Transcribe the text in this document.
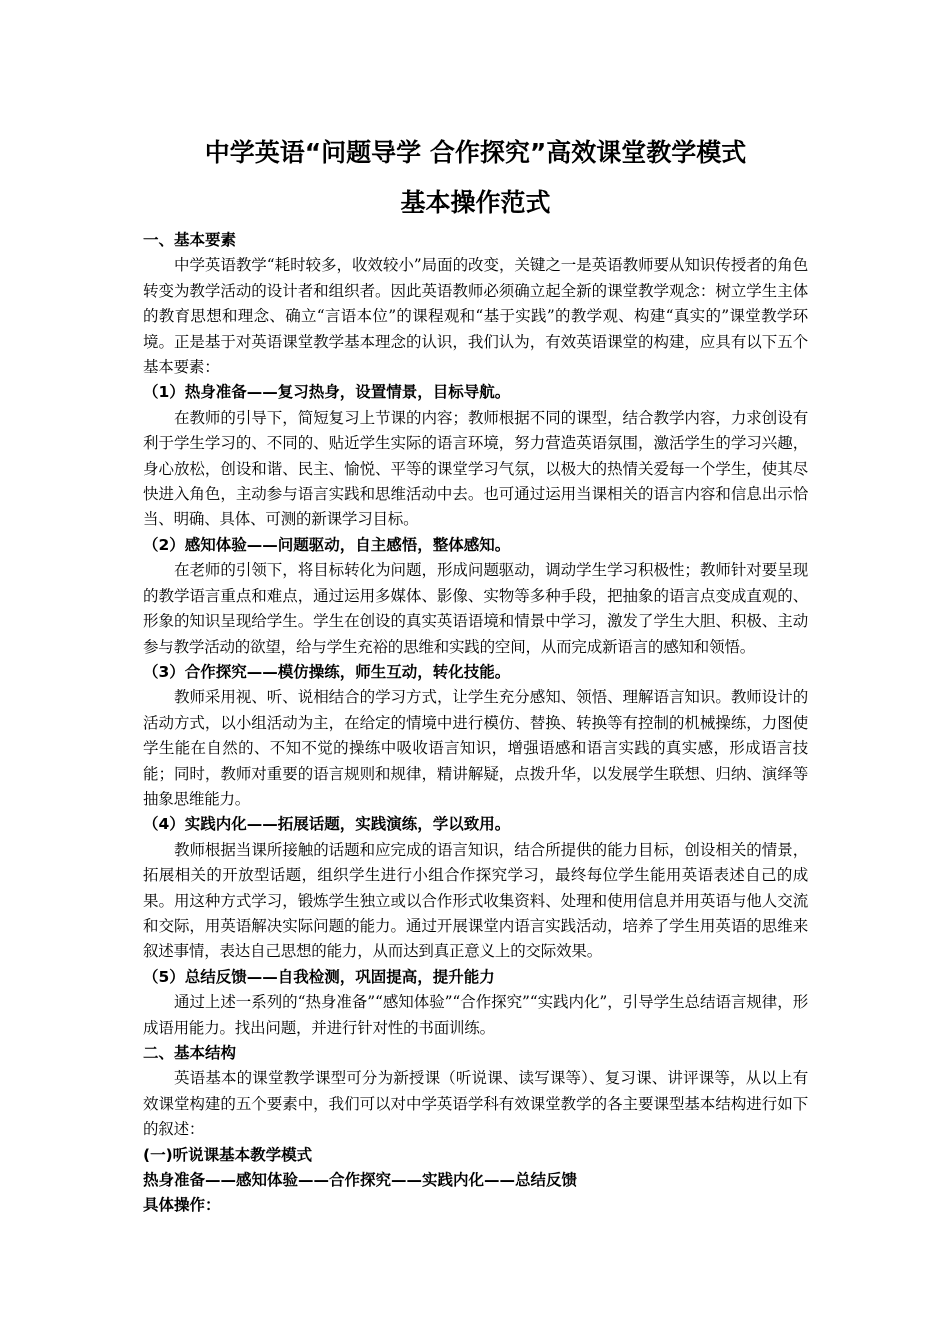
中学英语“问题导学 合作探究”高效课堂教学模式
基本操作范式
一、基本要素

中学英语教学“耗时较多，收效较小”局面的改变，关键之一是英语教师要从知识传授者的角色转变为教学活动的设计者和组织者。因此英语教师必须确立起全新的课堂教学观念：树立学生主体的教育思想和理念、确立“言语本位”的课程观和“基于实践”的教学观、构建“真实的”课堂教学环境。正是基于对英语课堂教学基本理念的认识，我们认为，有效英语课堂的构建，应具有以下五个基本要素：

（1）热身准备——复习热身，设置情景，目标导航。

在教师的引导下，简短复习上节课的内容；教师根据不同的课型，结合教学内容，力求创设有利于学生学习的、不同的、贴近学生实际的语言环境，努力营造英语氛围，激活学生的学习兴趣，身心放松，创设和谐、民主、愉悦、平等的课堂学习气氛，以极大的热情关爱每一个学生，使其尽快进入角色，主动参与语言实践和思维活动中去。也可通过运用当课相关的语言内容和信息出示恰当、明确、具体、可测的新课学习目标。

（2）感知体验——问题驱动，自主感悟，整体感知。

在老师的引领下，将目标转化为问题，形成问题驱动，调动学生学习积极性；教师针对要呈现的教学语言重点和难点，通过运用多媒体、影像、实物等多种手段，把抽象的语言点变成直观的、形象的知识呈现给学生。学生在创设的真实英语语境和情景中学习，激发了学生大胆、积极、主动参与教学活动的欲望，给与学生充裕的思维和实践的空间，从而完成新语言的感知和领悟。

（3）合作探究——模仿操练，师生互动，转化技能。

教师采用视、听、说相结合的学习方式，让学生充分感知、领悟、理解语言知识。教师设计的活动方式，以小组活动为主，在给定的情境中进行模仿、替换、转换等有控制的机械操练，力图使学生能在自然的、不知不觉的操练中吸收语言知识，增强语感和语言实践的真实感，形成语言技能；同时，教师对重要的语言规则和规律，精讲解疑，点拨升华，以发展学生联想、归纳、演绎等抽象思维能力。

（4）实践内化——拓展话题，实践演练，学以致用。

教师根据当课所接触的话题和应完成的语言知识，结合所提供的能力目标，创设相关的情景，拓展相关的开放型话题，组织学生进行小组合作探究学习，最终每位学生能用英语表述自己的成果。用这种方式学习，锻炼学生独立或以合作形式收集资料、处理和使用信息并用英语与他人交流和交际，用英语解决实际问题的能力。通过开展课堂内语言实践活动，培养了学生用英语的思维来叙述事情，表达自己思想的能力，从而达到真正意义上的交际效果。

（5）总结反馈——自我检测，巩固提高，提升能力

通过上述一系列的“热身准备”“感知体验”“合作探究”“实践内化”，引导学生总结语言规律，形成语用能力。找出问题，并进行针对性的书面训练。

二、基本结构

英语基本的课堂教学课型可分为新授课（听说课、读写课等）、复习课、讲评课等，从以上有效课堂构建的五个要素中，我们可以对中学英语学科有效课堂教学的各主要课型基本结构进行如下的叙述：

(一)听说课基本教学模式
热身准备——感知体验——合作探究——实践内化——总结反馈
具体操作：
